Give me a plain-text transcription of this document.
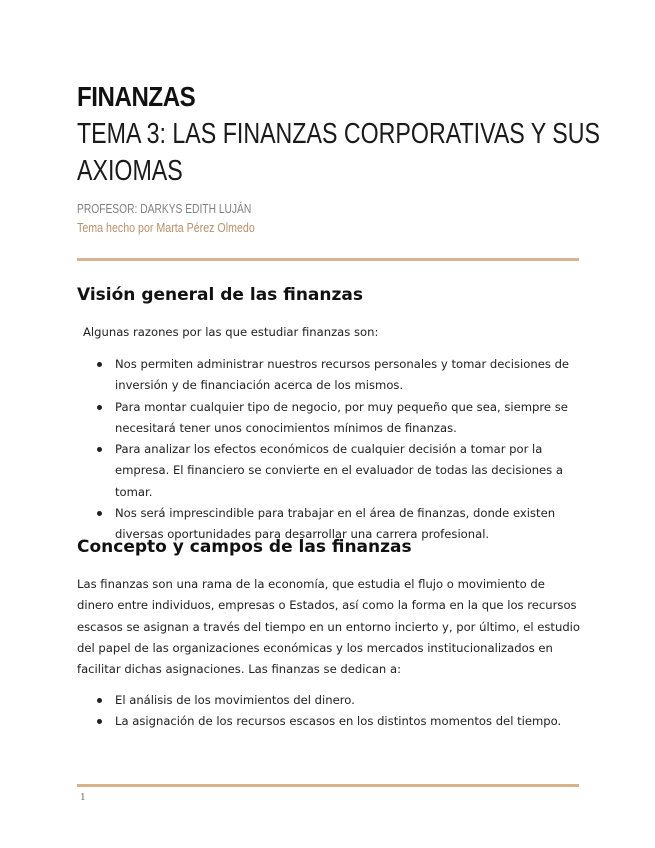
FINANZAS
TEMA 3: LAS FINANZAS CORPORATIVAS Y SUS
AXIOMAS
PROFESOR: DARKYS EDITH LUJÁN
Tema hecho por Marta Pérez Olmedo
Visión general de las finanzas
Algunas razones por las que estudiar finanzas son:
Nos permiten administrar nuestros recursos personales y tomar decisiones de inversión y de financiación acerca de los mismos.
Para montar cualquier tipo de negocio, por muy pequeño que sea, siempre se necesitará tener unos conocimientos mínimos de finanzas.
Para analizar los efectos económicos de cualquier decisión a tomar por la empresa. El financiero se convierte en el evaluador de todas las decisiones a tomar.
Nos será imprescindible para trabajar en el área de finanzas, donde existen diversas oportunidades para desarrollar una carrera profesional.
Concepto y campos de las finanzas
Las finanzas son una rama de la economía, que estudia el flujo o movimiento de dinero entre individuos, empresas o Estados, así como la forma en la que los recursos escasos se asignan a través del tiempo en un entorno incierto y, por último, el estudio del papel de las organizaciones económicas y los mercados institucionalizados en facilitar dichas asignaciones. Las finanzas se dedican a:
El análisis de los movimientos del dinero.
La asignación de los recursos escasos en los distintos momentos del tiempo.
1
